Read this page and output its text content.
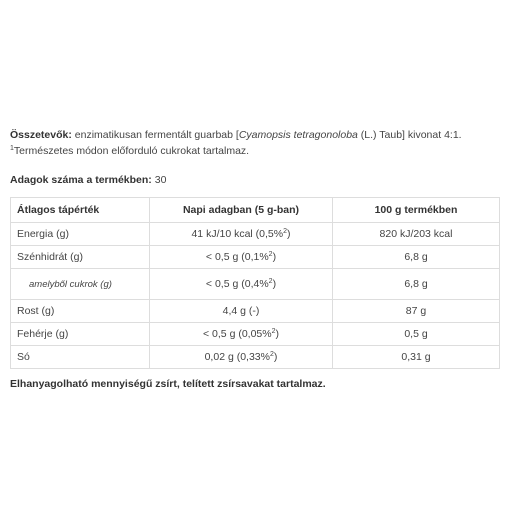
Összetevők: enzimatikusan fermentált guarbab [Cyamopsis tetragonoloba (L.) Taub] kivonat 4:1. $^1$Természetes módon előforduló cukrokat tartalmaz.

Adagok száma a termékben: 30
Átlagos tápérték	Napi adagban (5 g-ban)	100 g termékben
Energia (g)	41 kJ/10 kcal (0,5%$^2$)	820 kJ/203 kcal
Szénhidrát (g)	< 0,5 g (0,1%$^2$)	6,8 g
amelyből cukrok (g)	< 0,5 g (0,4%$^2$)	6,8 g
Rost (g)	4,4 g (-)	87 g
Fehérje (g)	< 0,5 g (0,05%$^2$)	0,5 g
Só	0,02 g (0,33%$^2$)	0,31 g
Elhanyagolható mennyiségű zsírt, telített zsírsavakat tartalmaz.
